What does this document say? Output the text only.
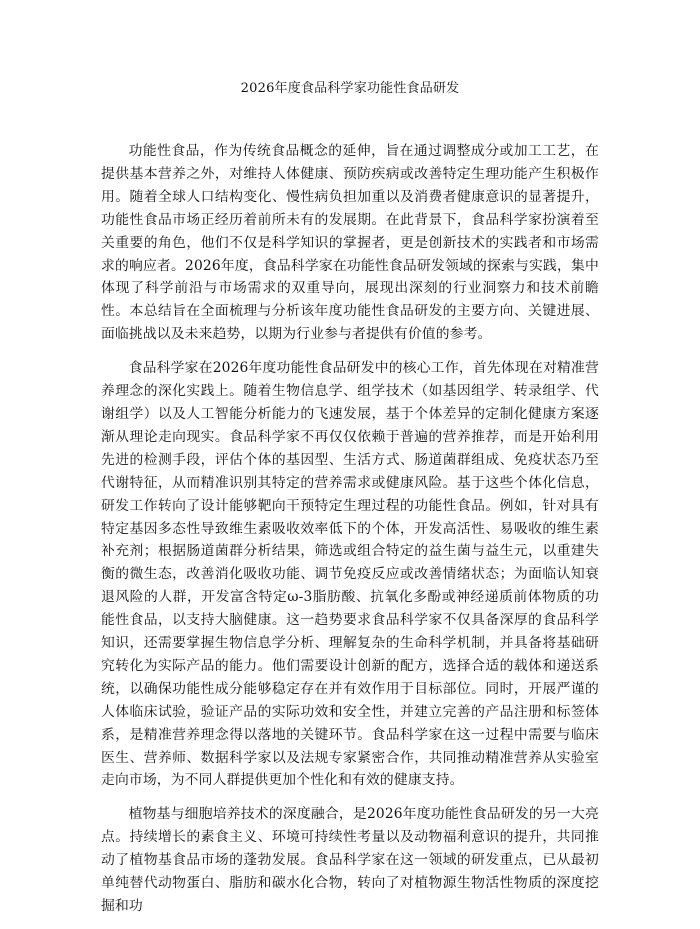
2026年度食品科学家功能性食品研发

功能性食品，作为传统食品概念的延伸，旨在通过调整成分或加工工艺，在提供基本营养之外，对维持人体健康、预防疾病或改善特定生理功能产生积极作用。随着全球人口结构变化、慢性病负担加重以及消费者健康意识的显著提升，功能性食品市场正经历着前所未有的发展期。在此背景下，食品科学家扮演着至关重要的角色，他们不仅是科学知识的掌握者，更是创新技术的实践者和市场需求的响应者。2026年度，食品科学家在功能性食品研发领域的探索与实践，集中体现了科学前沿与市场需求的双重导向，展现出深刻的行业洞察力和技术前瞻性。本总结旨在全面梳理与分析该年度功能性食品研发的主要方向、关键进展、面临挑战以及未来趋势，以期为行业参与者提供有价值的参考。

食品科学家在2026年度功能性食品研发中的核心工作，首先体现在对精准营养理念的深化实践上。随着生物信息学、组学技术（如基因组学、转录组学、代谢组学）以及人工智能分析能力的飞速发展，基于个体差异的定制化健康方案逐渐从理论走向现实。食品科学家不再仅仅依赖于普遍的营养推荐，而是开始利用先进的检测手段，评估个体的基因型、生活方式、肠道菌群组成、免疫状态乃至代谢特征，从而精准识别其特定的营养需求或健康风险。基于这些个体化信息，研发工作转向了设计能够靶向干预特定生理过程的功能性食品。例如，针对具有特定基因多态性导致维生素吸收效率低下的个体，开发高活性、易吸收的维生素补充剂；根据肠道菌群分析结果，筛选或组合特定的益生菌与益生元，以重建失衡的微生态，改善消化吸收功能、调节免疫反应或改善情绪状态；为面临认知衰退风险的人群，开发富含特定ω-3脂肪酸、抗氧化多酚或神经递质前体物质的功能性食品，以支持大脑健康。这一趋势要求食品科学家不仅具备深厚的食品科学知识，还需要掌握生物信息学分析、理解复杂的生命科学机制，并具备将基础研究转化为实际产品的能力。他们需要设计创新的配方，选择合适的载体和递送系统，以确保功能性成分能够稳定存在并有效作用于目标部位。同时，开展严谨的人体临床试验，验证产品的实际功效和安全性，并建立完善的产品注册和标签体系，是精准营养理念得以落地的关键环节。食品科学家在这一过程中需要与临床医生、营养师、数据科学家以及法规专家紧密合作，共同推动精准营养从实验室走向市场，为不同人群提供更加个性化和有效的健康支持。

植物基与细胞培养技术的深度融合，是2026年度功能性食品研发的另一大亮点。持续增长的素食主义、环境可持续性考量以及动物福利意识的提升，共同推动了植物基食品市场的蓬勃发展。食品科学家在这一领域的研发重点，已从最初单纯替代动物蛋白、脂肪和碳水化合物，转向了对植物源生物活性物质的深度挖掘和功
